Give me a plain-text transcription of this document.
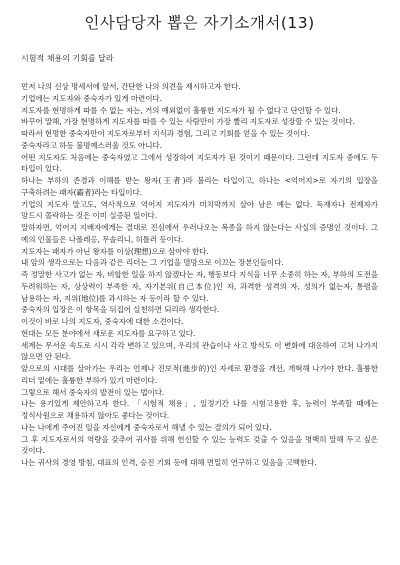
인사담당자 뽑은 자기소개서(13)
시험적 채용의 기회를 달라

먼저 나의 신상 명세서에 앞서, 간단한 나의 의견을 제시하고자 한다.

기업에는 지도자와 중숙자가 있게 마련이다.

지도자를 현명하게 따를 수 없는 자는, 거의 예외없이 훌륭한 지도자가 될 수 없다고 단언할 수 있다.

바꾸어 말해, 가장 현명하게 지도자를 따를 수 있는 사람만이 가장 빨리 지도자로 성장할 수 있는 것이다.

따라서 현명한 중숙자만이 지도자로부터 지식과 경험, 그리고 기회를 얻을 수 있는 것이다.

중숙자라고 하등 불명예스러울 것도 아니다.

어떤 지도자도 처음에는 중숙자였고 그에서 성장하여 지도자가 된 것이기 때문이다. 그런데 지도자 중에도 두 타입이 있다.

하나는 부하의 존경과 이해를 받는 왕자(王者)라 불리는 타입이고, 하나는 <억어지>로 자기의 입장을 구축하려는 패자(霸者)라는 타입이다.

기업의 지도자 말고도, 역사적으로 억어지 지도자가 미치막까지 살아 남은 예는 없다. 독재자나 전제자가 망드시 몰락하는 것은 이미 실증된 일이다.

말하자면, 억어지 지배자에게는 결대로 진심에서 우러나오는 복종을 하지 않는다는 사실의 증명인 것이다. 그 예의 인물들은 나폴레옹, 무솔리니, 히틀러 등이다.

지도자는 패자가 아닌 왕자를 이상(理想)으로 삼아야 한다.

내 앞의 생각으로는 다음과 같은 리더는 그 기업을 멸망으로 이끄는 장본인들이다.

즉 정말한 사고가 없는 자, 비합한 일을 하지 않겠다는 자, 행동보다 지식을 너무 소중히 하는 자, 부하의 도전을 두려워하는 자, 상상력이 부족한 자, 자기본위(自己本位)인 자, 과격한 성격의 자, 성의가 없는자, 통렴을 남용하는 자, 지위(地位)를 과시하는 자 등이라 할 수 있다.

중숙자의 입장은 이 항목을 뒤집어 실천하면 되리라 생각한다.

이것이 바로 나의 지도자, 중숙자에 대한 소견이다.

현대는 모든 분야에서 새로운 지도자를 요구하고 있다.

세계는 무서운 속도로 시시 각각 변하고 있으며, 우리의 관습이나 사고 방식도 이 변화에 대응하여 고쳐 나가지 않으면 안 된다.

앞으로의 시대를 살아가는 우리는 언제나 진보적(進步的)인 자세로 환경을 개선, 개혁해 나가야 한다. 훌륭한 리더 밑에는 훌륭한 부하가 있기 마련이다.

그렇으로 해서 중숙자의 발전이 있는 법이다.

나는 용기있게 제안하고자 한다. 「시험적 채용」, 일정기간 나를 시험고용한 후, 능력이 부족할 때에는 정식사원으로 채용하지 않아도 좋다는 것이다.

나는 나에게 주어진 일을 자신에게 중숙자로서 해낼 수 있는 결의가 되어 있다.

그 후 지도자로서의 역량을 갖추어 귀사를 위해 헌신할 수 있는 능력도 갖출 수 있음을 명백히 말해 두고 싶은 것이다.

나는 귀사의 경영 방침, 대표의 인격, 승진 기회 등에 대해 면밀히 연구하고 있음을 고백한다.
